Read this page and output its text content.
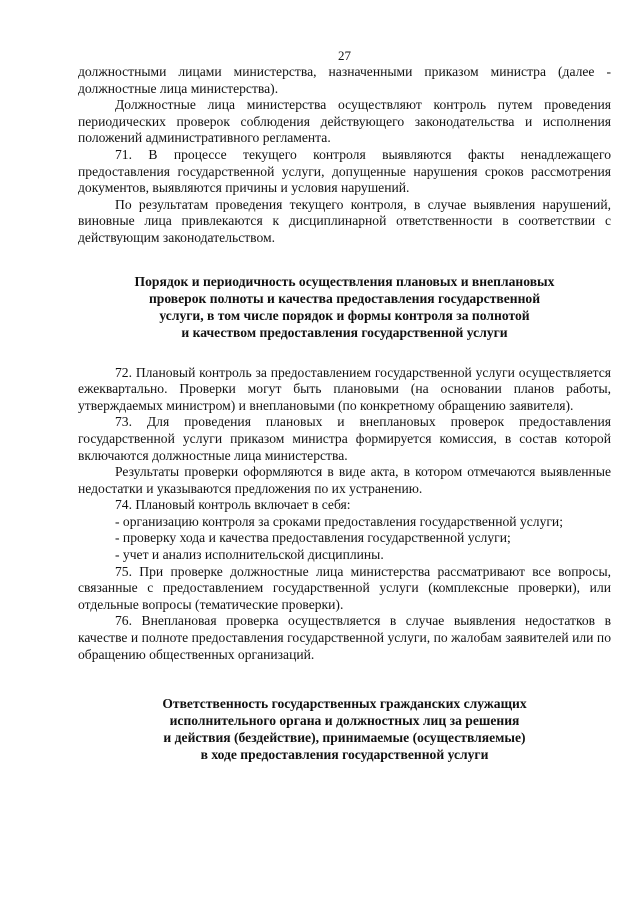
27

должностными лицами министерства, назначенными приказом министра (далее - должностные лица министерства).

Должностные лица министерства осуществляют контроль путем проведения периодических проверок соблюдения действующего законодательства и исполнения положений административного регламента.

71. В процессе текущего контроля выявляются факты ненадлежащего предоставления государственной услуги, допущенные нарушения сроков рассмотрения документов, выявляются причины и условия нарушений.

По результатам проведения текущего контроля, в случае выявления нарушений, виновные лица привлекаются к дисциплинарной ответственности в соответствии с действующим законодательством.

Порядок и периодичность осуществления плановых и внеплановых
проверок полноты и качества предоставления государственной
услуги, в том числе порядок и формы контроля за полнотой
и качеством предоставления государственной услуги

72. Плановый контроль за предоставлением государственной услуги осуществляется ежеквартально. Проверки могут быть плановыми (на основании планов работы, утверждаемых министром) и внеплановыми (по конкретному обращению заявителя).

73. Для проведения плановых и внеплановых проверок предоставления государственной услуги приказом министра формируется комиссия, в состав которой включаются должностные лица министерства.

Результаты проверки оформляются в виде акта, в котором отмечаются выявленные недостатки и указываются предложения по их устранению.

74. Плановый контроль включает в себя:

- организацию контроля за сроками предоставления государственной услуги;

- проверку хода и качества предоставления государственной услуги;

- учет и анализ исполнительской дисциплины.

75. При проверке должностные лица министерства рассматривают все вопросы, связанные с предоставлением государственной услуги (комплексные проверки), или отдельные вопросы (тематические проверки).

76. Внеплановая проверка осуществляется в случае выявления недостатков в качестве и полноте предоставления государственной услуги, по жалобам заявителей или по обращению общественных организаций.

Ответственность государственных гражданских служащих
исполнительного органа и должностных лиц за решения
и действия (бездействие), принимаемые (осуществляемые)
в ходе предоставления государственной услуги
